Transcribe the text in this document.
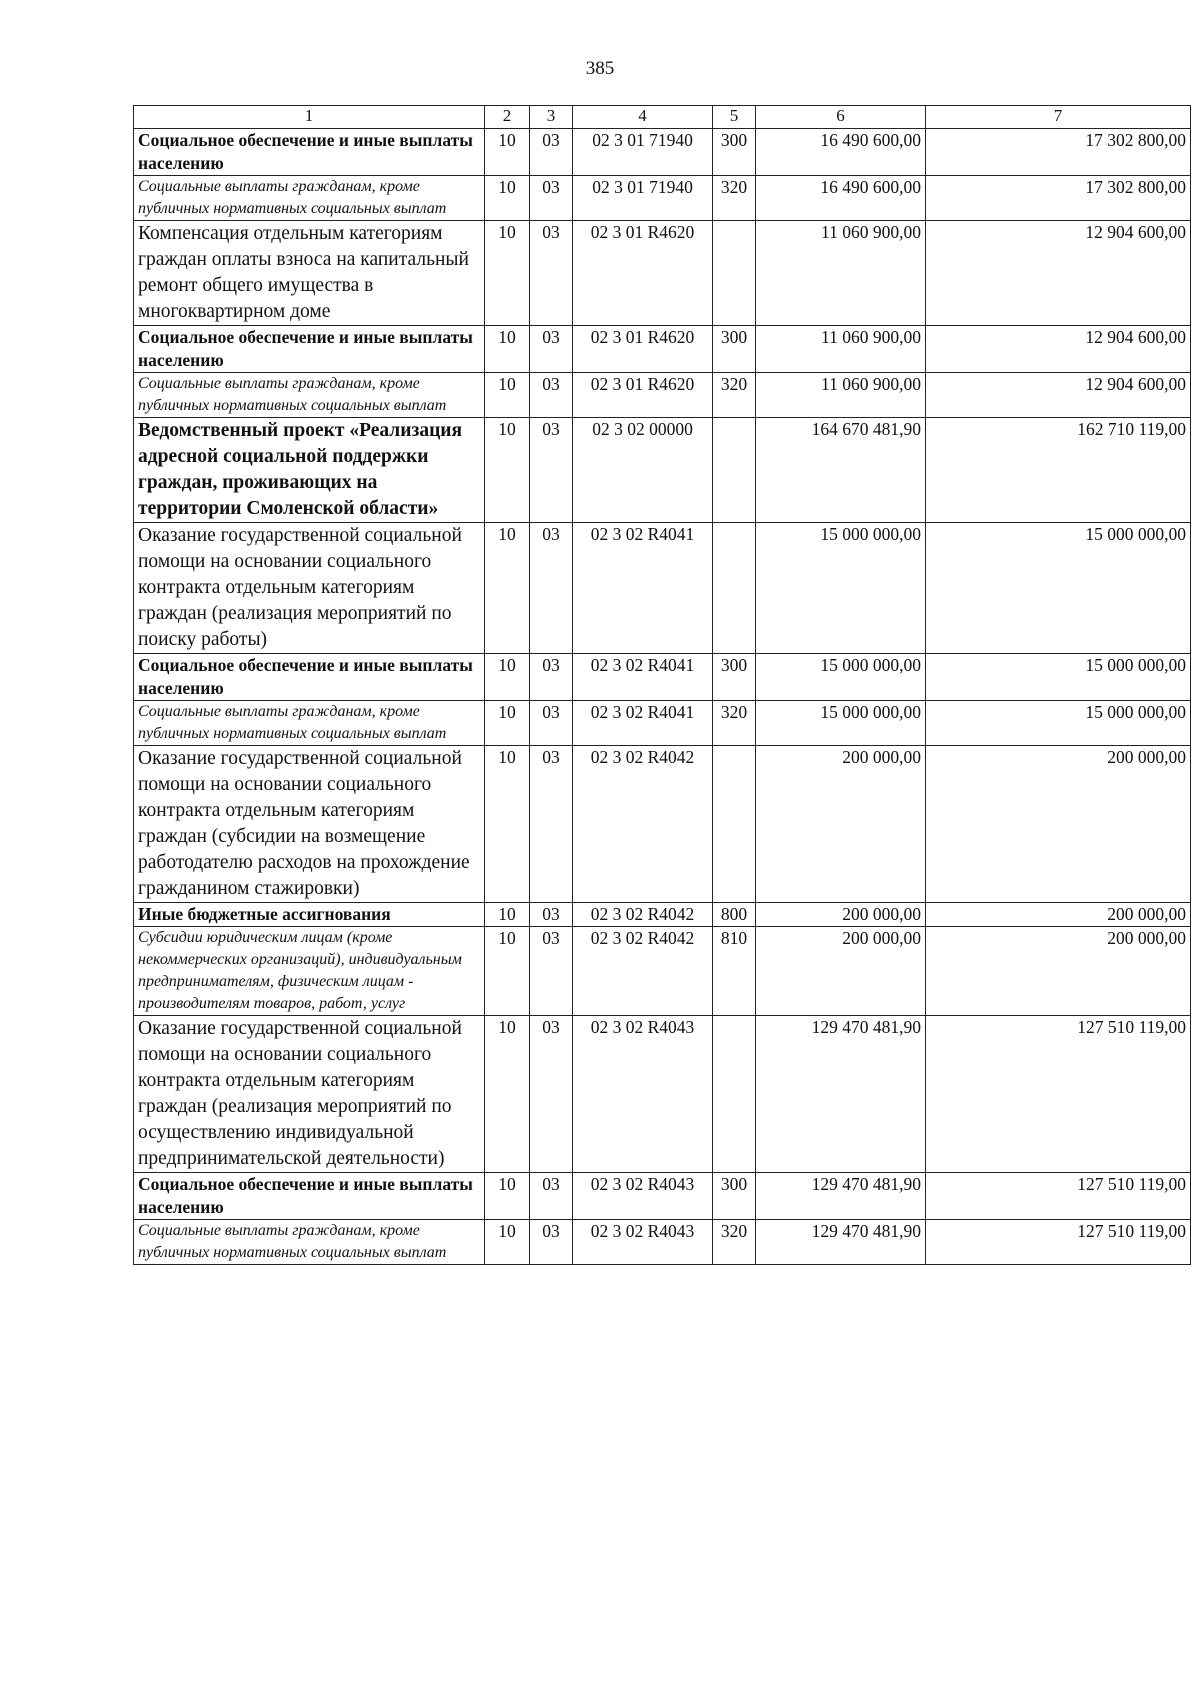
385
1	2	3	4	5	6	7
Социальное обеспечение и иные выплаты населению	10	03	02 3 01 71940	300	16 490 600,00	17 302 800,00
Социальные выплаты гражданам, кроме публичных нормативных социальных выплат	10	03	02 3 01 71940	320	16 490 600,00	17 302 800,00
Компенсация отдельным категориям граждан оплаты взноса на капитальный ремонт общего имущества в многоквартирном доме	10	03	02 3 01 R4620		11 060 900,00	12 904 600,00
Социальное обеспечение и иные выплаты населению	10	03	02 3 01 R4620	300	11 060 900,00	12 904 600,00
Социальные выплаты гражданам, кроме публичных нормативных социальных выплат	10	03	02 3 01 R4620	320	11 060 900,00	12 904 600,00
Ведомственный проект «Реализация адресной социальной поддержки граждан, проживающих на территории Смоленской области»	10	03	02 3 02 00000		164 670 481,90	162 710 119,00
Оказание государственной социальной помощи на основании социального контракта отдельным категориям граждан (реализация мероприятий по поиску работы)	10	03	02 3 02 R4041		15 000 000,00	15 000 000,00
Социальное обеспечение и иные выплаты населению	10	03	02 3 02 R4041	300	15 000 000,00	15 000 000,00
Социальные выплаты гражданам, кроме публичных нормативных социальных выплат	10	03	02 3 02 R4041	320	15 000 000,00	15 000 000,00
Оказание государственной социальной помощи на основании социального контракта отдельным категориям граждан (субсидии на возмещение работодателю расходов на прохождение гражданином стажировки)	10	03	02 3 02 R4042		200 000,00	200 000,00
Иные бюджетные ассигнования	10	03	02 3 02 R4042	800	200 000,00	200 000,00
Субсидии юридическим лицам (кроме некоммерческих организаций), индивидуальным предпринимателям, физическим лицам - производителям товаров, работ, услуг	10	03	02 3 02 R4042	810	200 000,00	200 000,00
Оказание государственной социальной помощи на основании социального контракта отдельным категориям граждан (реализация мероприятий по осуществлению индивидуальной предпринимательской деятельности)	10	03	02 3 02 R4043		129 470 481,90	127 510 119,00
Социальное обеспечение и иные выплаты населению	10	03	02 3 02 R4043	300	129 470 481,90	127 510 119,00
Социальные выплаты гражданам, кроме публичных нормативных социальных выплат	10	03	02 3 02 R4043	320	129 470 481,90	127 510 119,00
